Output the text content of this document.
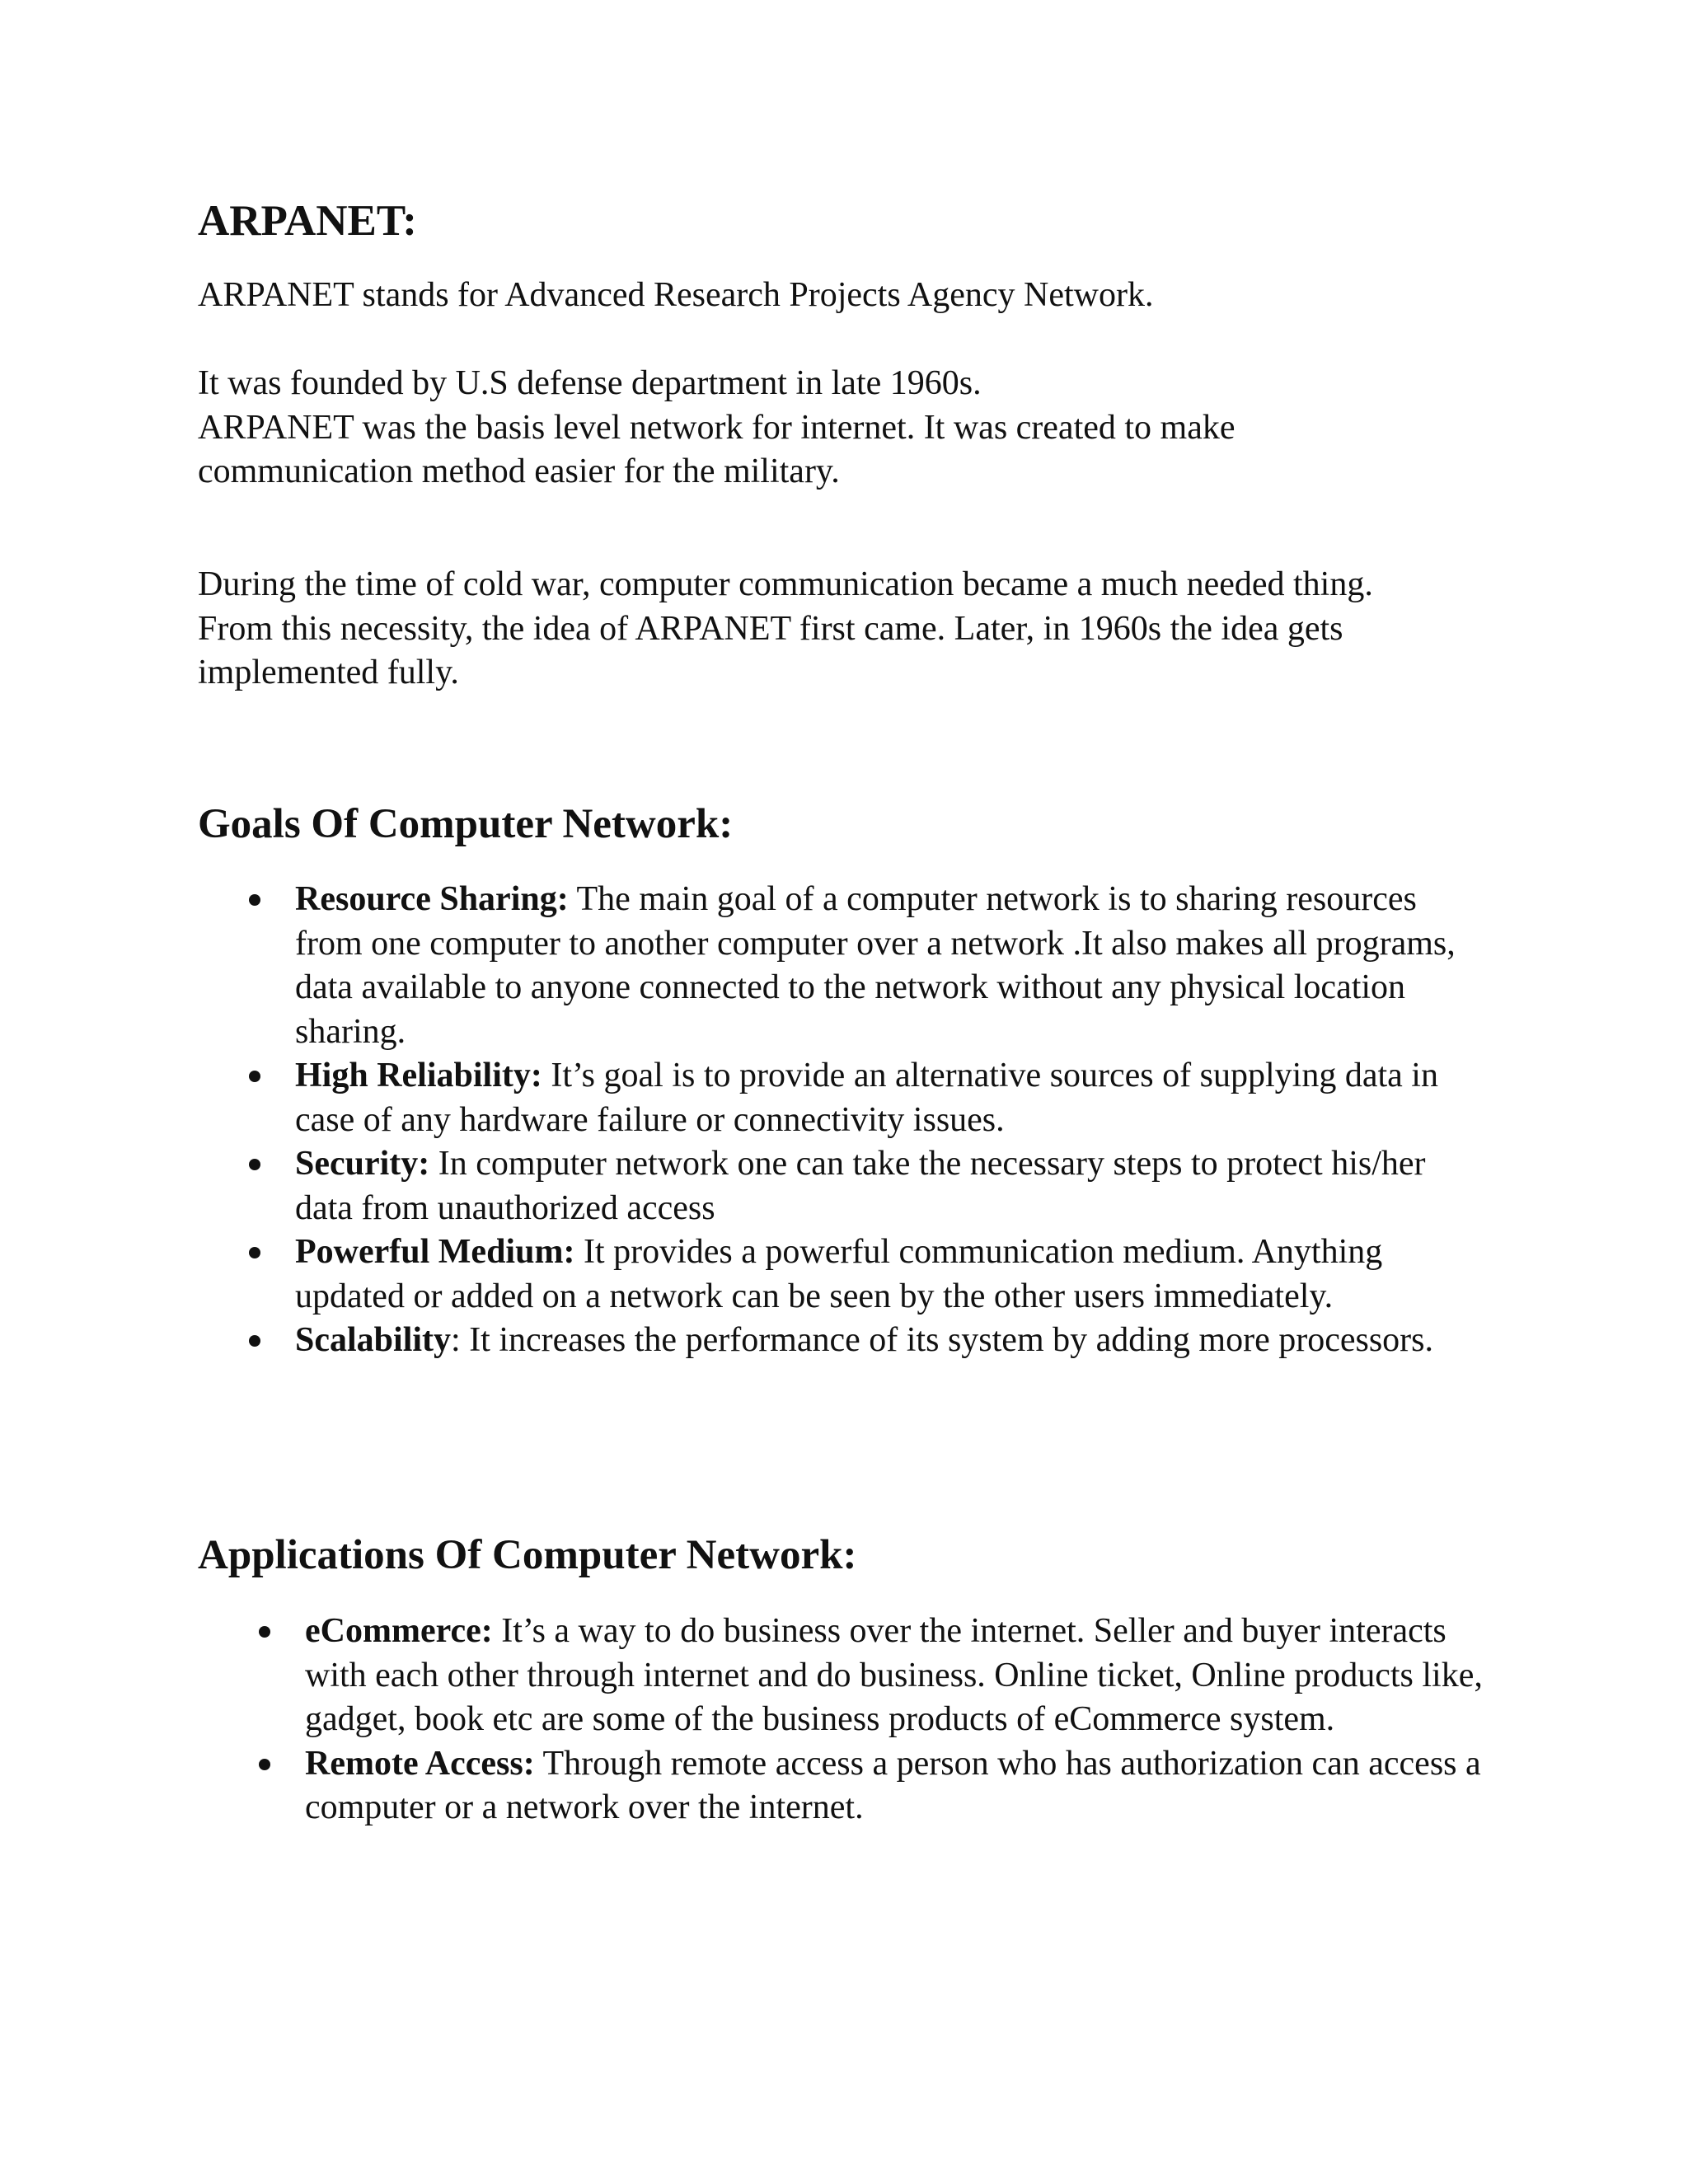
ARPANET:

ARPANET stands for Advanced Research Projects Agency Network.

It was founded by U.S defense department in late 1960s.

ARPANET was the basis level network for internet. It was created to make communication method easier for the military.

During the time of cold war, computer communication became a much needed thing. From this necessity, the idea of ARPANET first came. Later, in 1960s the idea gets implemented fully.

Goals Of Computer Network:
Resource Sharing: The main goal of a computer network is to sharing resources from one computer to another computer over a network .It also makes all programs, data available to anyone connected to the network without any physical location sharing.
High Reliability: It’s goal is to provide an alternative sources of supplying data in case of any hardware failure or connectivity issues.
Security: In computer network one can take the necessary steps to protect his/her data from unauthorized access
Powerful Medium: It provides a powerful communication medium. Anything updated or added on a network can be seen by the other users immediately.
Scalability: It increases the performance of its system by adding more processors.
Applications Of Computer Network:
eCommerce: It’s a way to do business over the internet. Seller and buyer interacts with each other through internet and do business. Online ticket, Online products like, gadget, book etc are some of the business products of eCommerce system.
Remote Access: Through remote access a person who has authorization can access a computer or a network over the internet.
